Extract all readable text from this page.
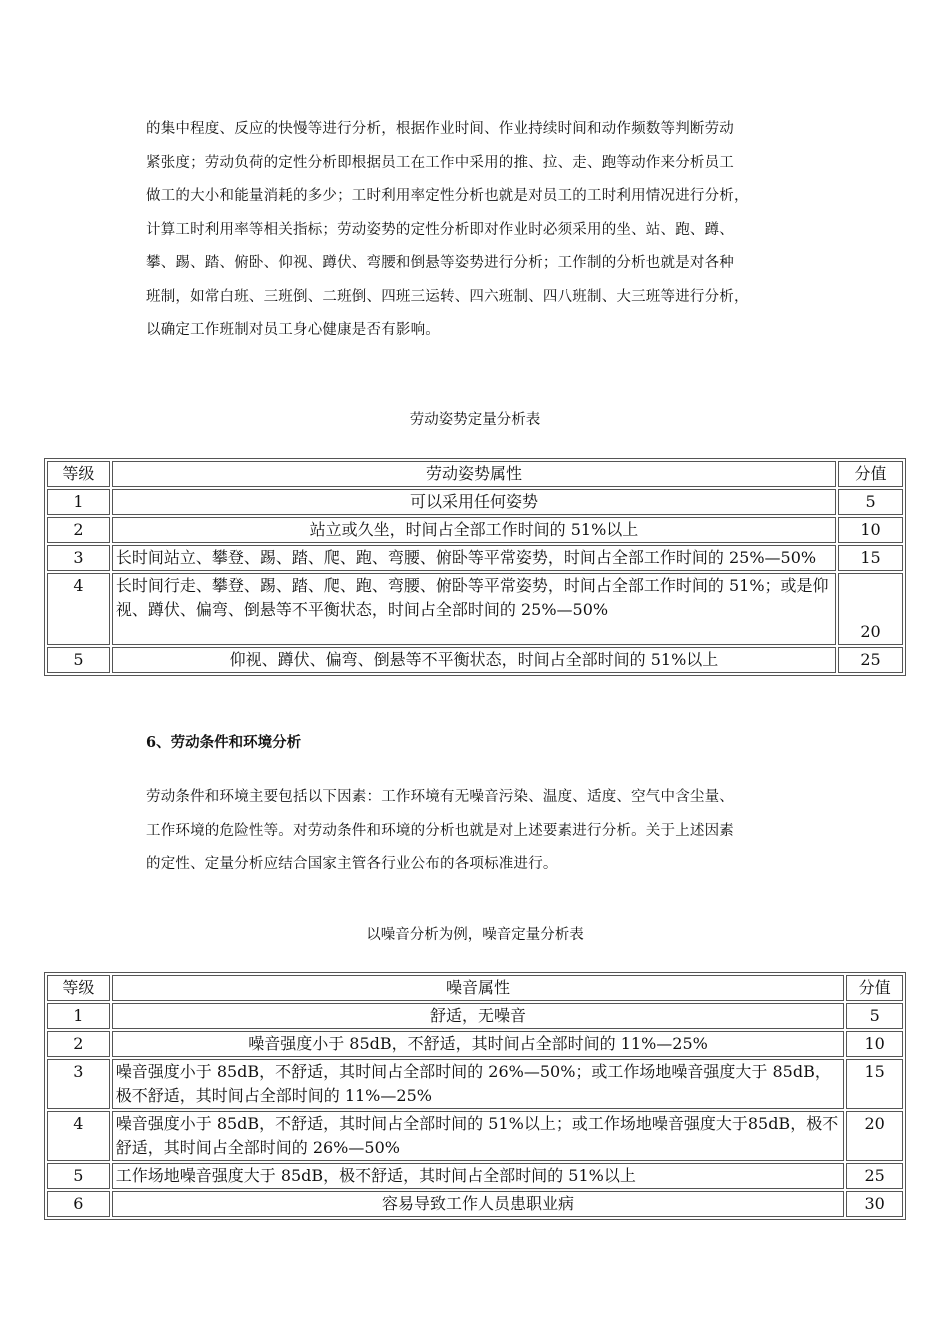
的集中程度、反应的快慢等进行分析，根据作业时间、作业持续时间和动作频数等判断劳动

紧张度；劳动负荷的定性分析即根据员工在工作中采用的推、拉、走、跑等动作来分析员工

做工的大小和能量消耗的多少；工时利用率定性分析也就是对员工的工时利用情况进行分析，

计算工时利用率等相关指标；劳动姿势的定性分析即对作业时必须采用的坐、站、跑、蹲、

攀、踢、踏、俯卧、仰视、蹲伏、弯腰和倒悬等姿势进行分析；工作制的分析也就是对各种

班制，如常白班、三班倒、二班倒、四班三运转、四六班制、四八班制、大三班等进行分析，

以确定工作班制对员工身心健康是否有影响。

劳动姿势定量分析表
等级	劳动姿势属性	分值
1	可以采用任何姿势	5
2	站立或久坐，时间占全部工作时间的 51%以上	10
3	长时间站立、攀登、踢、踏、爬、跑、弯腰、俯卧等平常姿势，时间占全部工作时间的 25%—50%	15
4	长时间行走、攀登、踢、踏、爬、跑、弯腰、俯卧等平常姿势，时间占全部工作时间的 51%；或是仰视、蹲伏、偏弯、倒悬等不平衡状态，时间占全部时间的 25%—50%	20
5	仰视、蹲伏、偏弯、倒悬等不平衡状态，时间占全部时间的 51%以上	25
6、劳动条件和环境分析

劳动条件和环境主要包括以下因素：工作环境有无噪音污染、温度、适度、空气中含尘量、

工作环境的危险性等。对劳动条件和环境的分析也就是对上述要素进行分析。关于上述因素

的定性、定量分析应结合国家主管各行业公布的各项标准进行。

以噪音分析为例，噪音定量分析表
等级	噪音属性	分值
1	舒适，无噪音	5
2	噪音强度小于 85dB，不舒适，其时间占全部时间的 11%—25%	10
3	噪音强度小于 85dB，不舒适，其时间占全部时间的 26%—50%；或工作场地噪音强度大于 85dB，极不舒适，其时间占全部时间的 11%—25%	15
4	噪音强度小于 85dB，不舒适，其时间占全部时间的 51%以上；或工作场地噪音强度大于85dB，极不舒适，其时间占全部时间的 26%—50%	20
5	工作场地噪音强度大于 85dB，极不舒适，其时间占全部时间的 51%以上	25
6	容易导致工作人员患职业病	30
